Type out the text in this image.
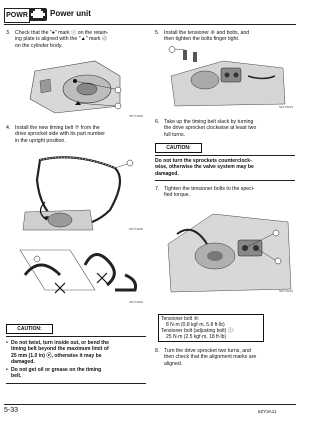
POWR	Power unit
3. Check that the "●" mark ⓒ on the retain-
ing plate is aligned with the "▲" mark ⓓ
on the cylinder body.
S6Y73200
4. Install the new timing belt ⑦ from the
drive sprocket side with its part number
in the upright position.
S6Y73205
S6Y73210
CAUTION:
• Do not twist, turn inside out, or bend the
timing belt beyond the maximum limit of
25 mm (1.0 in) ⓔ, otherwise it may be
damaged.
• Do not get oil or grease on the timing
belt.
5. Install the tensioner ⑧ and bolts, and
then tighten the bolts finger tight.
S6Y73215
6. Take up the timing belt slack by turning
the drive sprocket clockwise at least two
full turns.
CAUTION:
Do not turn the sprockets counterclock-
wise, otherwise the valve system may be
damaged.
7. Tighten the tensioner bolts to the speci-
fied torque.
S6Y73216
Tensioner bolt ⑨:
8 N·m (0.8 kgf·m, 5.8 ft·lb)
Tensioner bolt (adjusting bolt) ⓕ:
25 N·m (2.5 kgf·m, 18 ft·lb)
8. Turn the drive sprocket two turns, and
then check that the alignment marks are
aligned.
5-33	6ZY3A11
